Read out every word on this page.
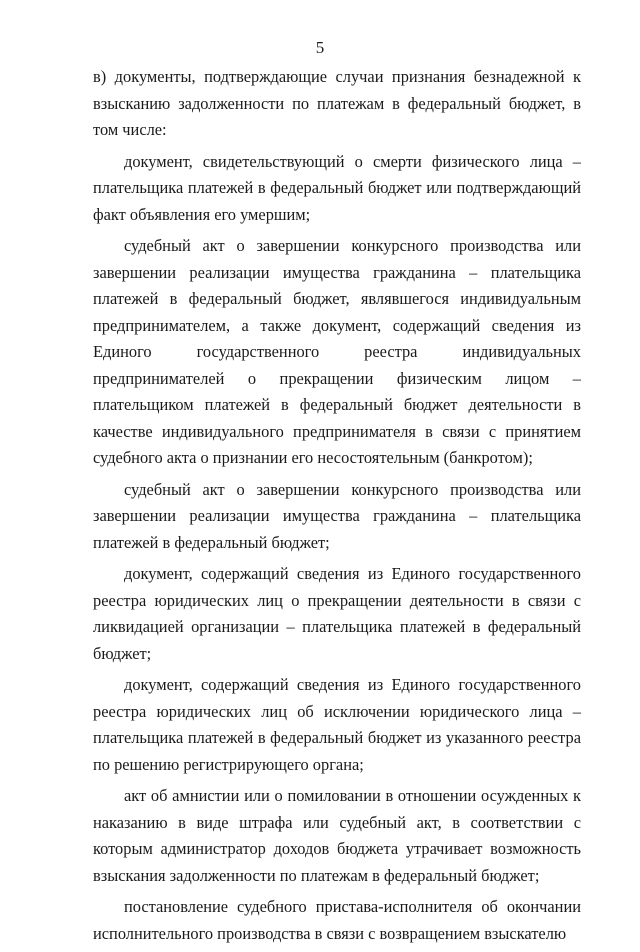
5

в) документы, подтверждающие случаи признания безнадежной к взысканию задолженности по платежам в федеральный бюджет, в том числе:

документ, свидетельствующий о смерти физического лица – плательщика платежей в федеральный бюджет или подтверждающий факт объявления его умершим;

судебный акт о завершении конкурсного производства или завершении реализации имущества гражданина – плательщика платежей в федеральный бюджет, являвшегося индивидуальным предпринимателем, а также документ, содержащий сведения из Единого государственного реестра индивидуальных предпринимателей о прекращении физическим лицом – плательщиком платежей в федеральный бюджет деятельности в качестве индивидуального предпринимателя в связи с принятием судебного акта о признании его несостоятельным (банкротом);

судебный акт о завершении конкурсного производства или завершении реализации имущества гражданина – плательщика платежей в федеральный бюджет;

документ, содержащий сведения из Единого государственного реестра юридических лиц о прекращении деятельности в связи с ликвидацией организации – плательщика платежей в федеральный бюджет;

документ, содержащий сведения из Единого государственного реестра юридических лиц об исключении юридического лица – плательщика платежей в федеральный бюджет из указанного реестра по решению регистрирующего органа;

акт об амнистии или о помиловании в отношении осужденных к наказанию в виде штрафа или судебный акт, в соответствии с которым администратор доходов бюджета утрачивает возможность взыскания задолженности по платежам в федеральный бюджет;

постановление судебного пристава-исполнителя об окончании исполнительного производства в связи с возвращением взыскателю
